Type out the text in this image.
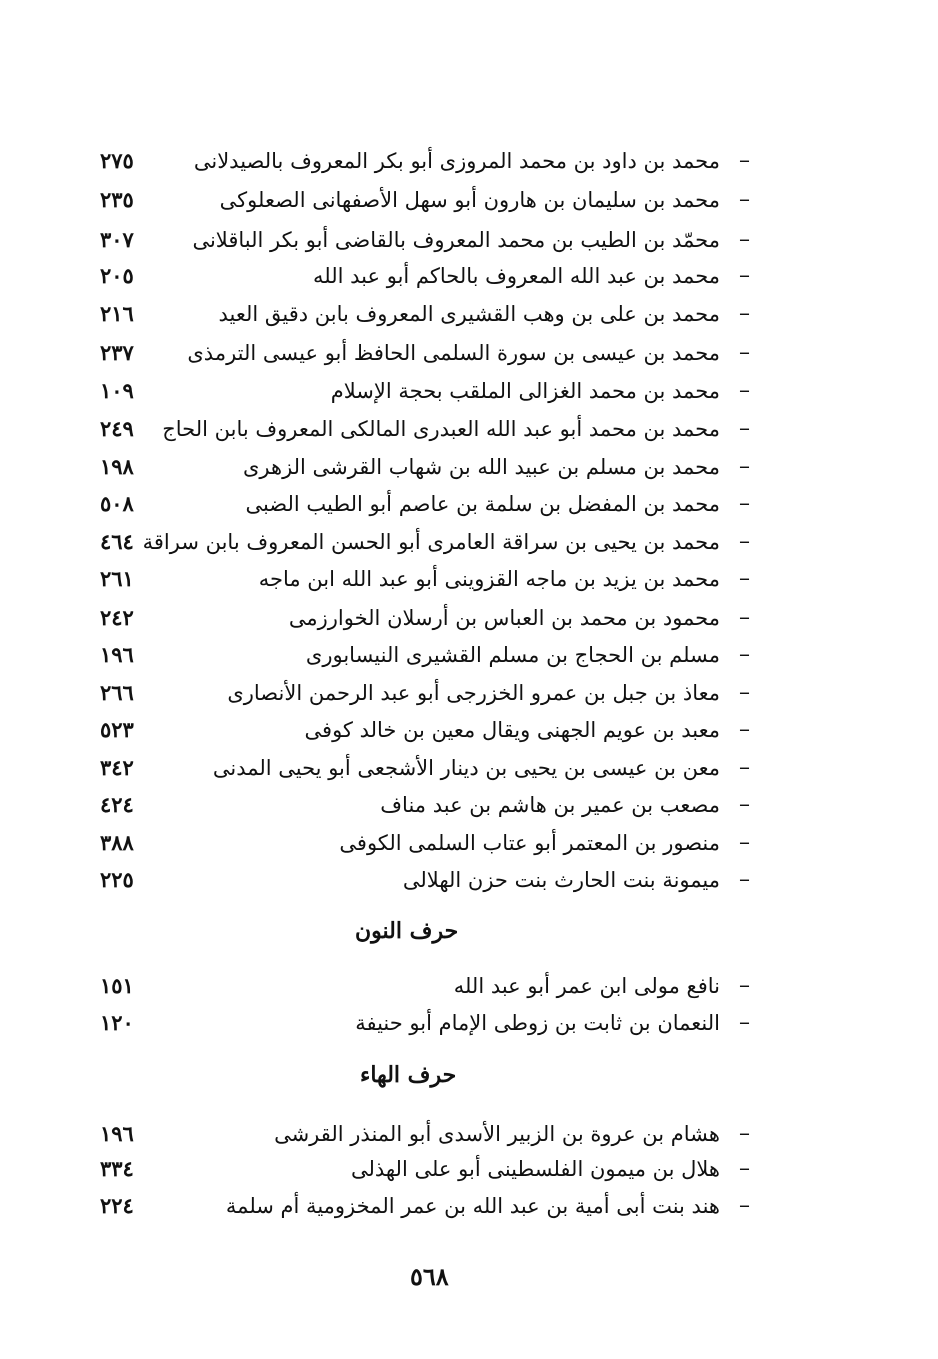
–
محمد بن داود بن محمد المروزى أبو بكر المعروف بالصيدلانى
٢٧٥
–
محمد بن سليمان بن هارون أبو سهل الأصفهانى الصعلوكى
٢٣٥
–
محمّد بن الطيب بن محمد المعروف بالقاضى أبو بكر الباقلانى
٣٠٧
–
محمد بن عبد الله المعروف بالحاكم أبو عبد الله
٢٠٥
–
محمد بن على بن وهب القشيرى المعروف بابن دقيق العيد
٢١٦
–
محمد بن عيسى بن سورة السلمى الحافظ أبو عيسى الترمذى
٢٣٧
–
محمد بن محمد الغزالى الملقب بحجة الإسلام
١٠٩
–
محمد بن محمد أبو عبد الله العبدرى المالكى المعروف بابن الحاج
٢٤٩
–
محمد بن مسلم بن عبيد الله بن شهاب القرشى الزهرى
١٩٨
–
محمد بن المفضل بن سلمة بن عاصم أبو الطيب الضبى
٥٠٨
–
محمد بن يحيى بن سراقة العامرى أبو الحسن المعروف بابن سراقة
٤٦٤
–
محمد بن يزيد بن ماجه القزوينى أبو عبد الله ابن ماجه
٢٦١
–
محمود بن محمد بن العباس بن أرسلان الخوارزمى
٢٤٢
–
مسلم بن الحجاج بن مسلم القشيرى النيسابورى
١٩٦
–
معاذ بن جبل بن عمرو الخزرجى أبو عبد الرحمن الأنصارى
٢٦٦
–
معبد بن عويم الجهنى ويقال معين بن خالد كوفى
٥٢٣
–
معن بن عيسى بن يحيى بن دينار الأشجعى أبو يحيى المدنى
٣٤٢
–
مصعب بن عمير بن هاشم بن عبد مناف
٤٢٤
–
منصور بن المعتمر أبو عتاب السلمى الكوفى
٣٨٨
–
ميمونة بنت الحارث بنت حزن الهلالى
٢٢٥
حرف النون
–
نافع مولى ابن عمر أبو عبد الله
١٥١
–
النعمان بن ثابت بن زوطى الإمام أبو حنيفة
١٢٠
حرف الهاء
–
هشام بن عروة بن الزبير الأسدى أبو المنذر القرشى
١٩٦
–
هلال بن ميمون الفلسطينى أبو على الهذلى
٣٣٤
–
هند بنت أبى أمية بن عبد الله بن عمر المخزومية أم سلمة
٢٢٤
٥٦٨
